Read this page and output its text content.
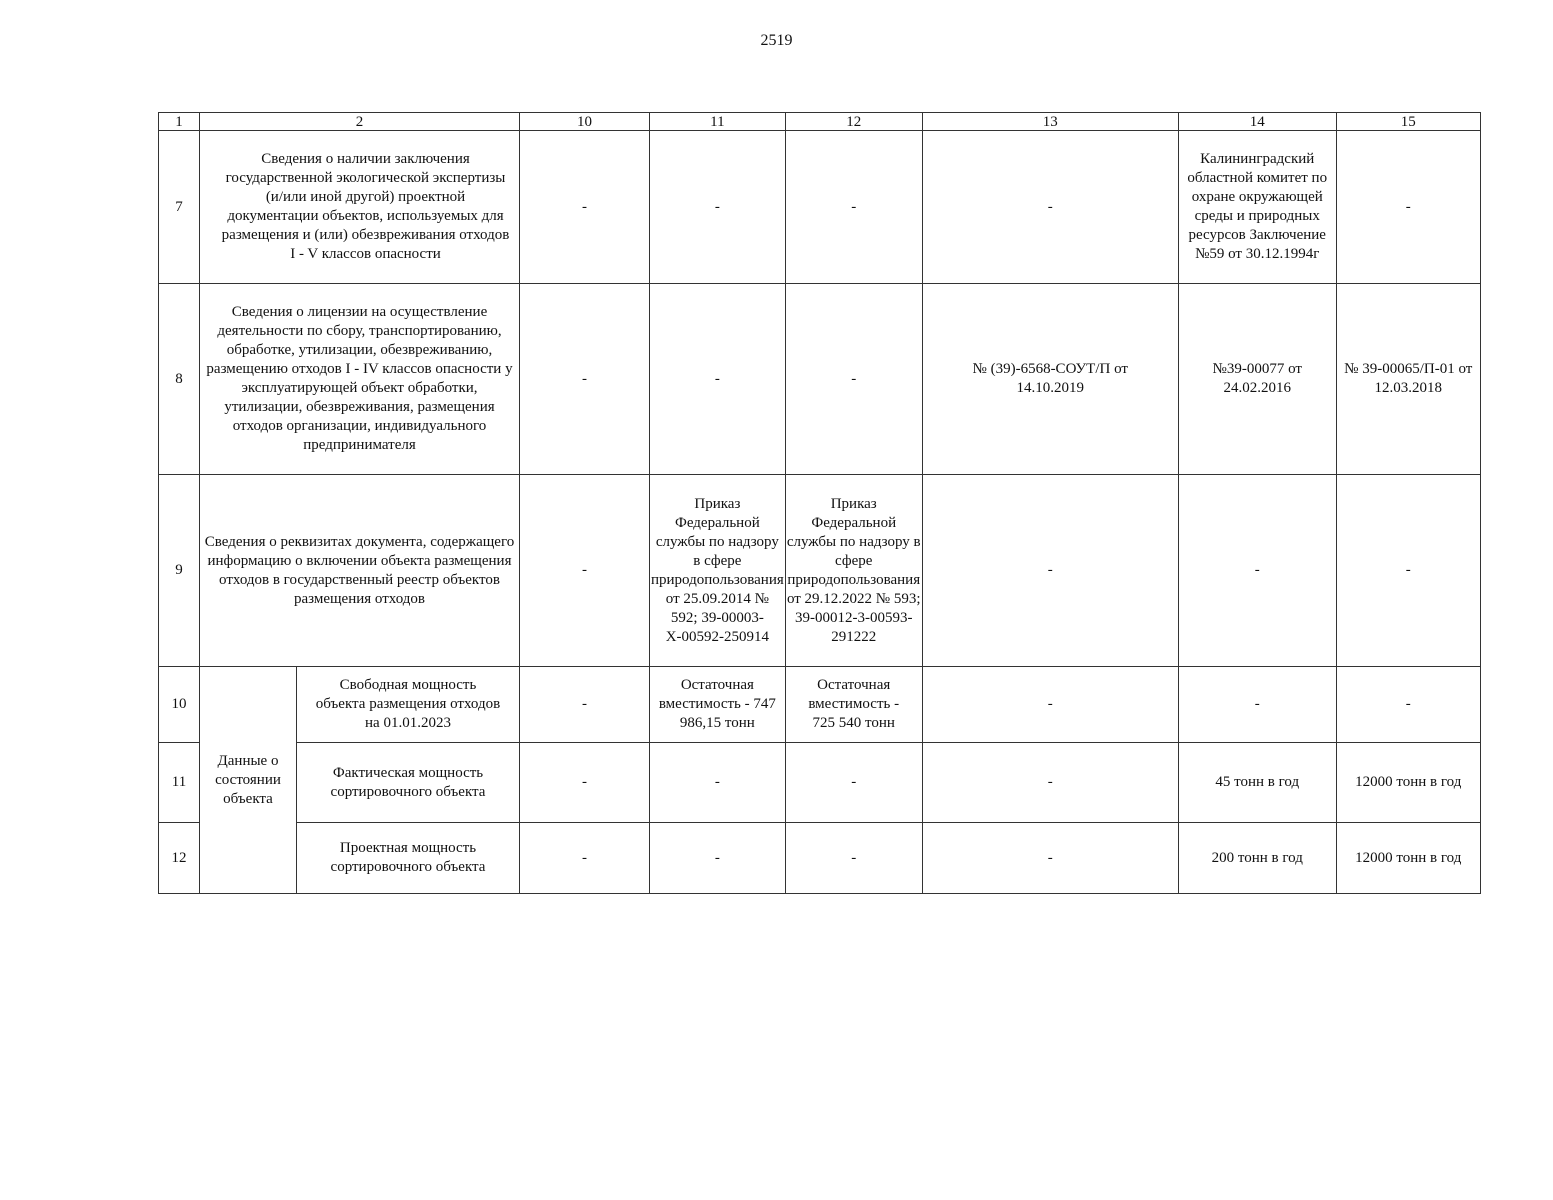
2519
1	2		10	11	12	13	14	15
7	Сведения о наличии заключения государственной экологической экспертизы (и/или иной другой) проектной документации объектов, используемых для размещения и (или) обезвреживания отходов I - V классов опасности		-	-	-	-	Калининградский областной комитет по охране окружающей среды и природных ресурсов Заключение №59 от 30.12.1994г	-
8	Сведения о лицензии на осуществление деятельности по сбору, транспортированию, обработке, утилизации, обезвреживанию, размещению отходов I - IV классов опасности у эксплуатирующей объект обработки, утилизации, обезвреживания, размещения отходов организации, индивидуального предпринимателя		-	-	-	№ (39)-6568-СОУТ/П от 14.10.2019	№39-00077 от 24.02.2016	№ 39-00065/П-01 от 12.03.2018
9	Сведения о реквизитах документа, содержащего информацию о включении объекта размещения отходов в государственный реестр объектов размещения отходов		-	Приказ Федеральной службы по надзору в сфере природопользования от 25.09.2014 № 592; 39-00003-Х-00592-250914	Приказ Федеральной службы по надзору в сфере природопользования от 29.12.2022 № 593; 39-00012-3-00593-291222	-	-	-
10	Данные о состоянии объекта	Свободная мощность объекта размещения отходов на 01.01.2023	-	Остаточная вместимость - 747 986,15 тонн	Остаточная вместимость - 725 540 тонн	-	-	-
11		Фактическая мощность сортировочного объекта	-	-	-	-	45 тонн в год	12000 тонн в год
12		Проектная мощность сортировочного объекта	-	-	-	-	200 тонн в год	12000 тонн в год
